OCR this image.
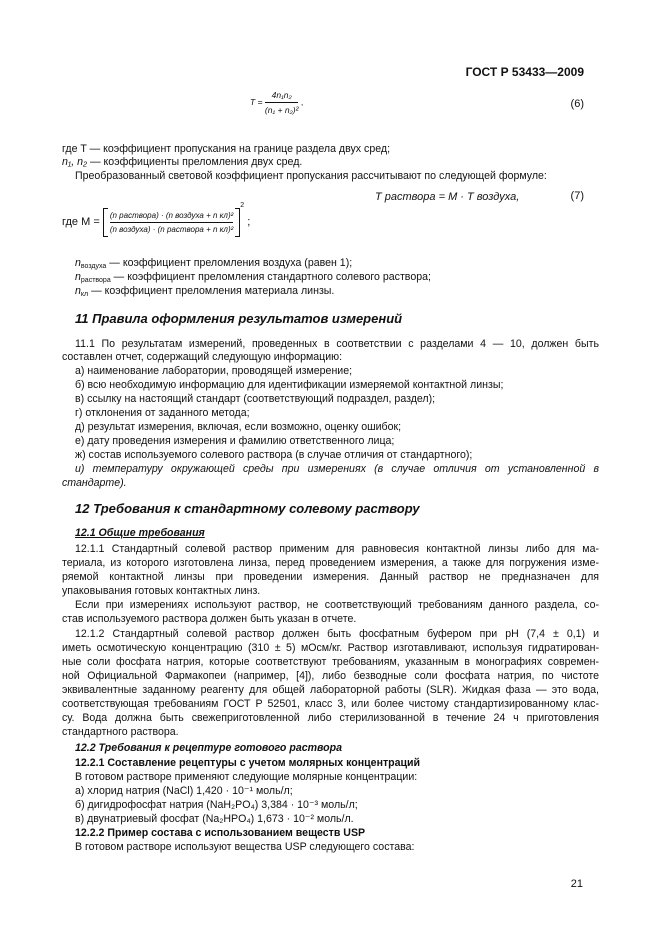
ГОСТ Р 53433—2009
$T = \frac{\text{4n₁n₂}}{\text{(n₁ + n₂)²}}$ ,	(6)
где T — коэффициент пропускания на границе раздела двух сред;
n₁, n₂ — коэффициенты преломления двух сред.
Преобразованный световой коэффициент пропускания рассчитывают по следующей формуле:
T раствора = M · T воздуха,	(7)
где $M = \frac{\text{(n раствора) · (n воздуха + n кл)²}}{\text{(n воздуха) · (n раствора + n кл)²}}$
$^2$ ;
$n_{воздуха}$ — коэффициент преломления воздуха (равен 1);
$n_{раствора}$ — коэффициент преломления стандартного солевого раствора;
$n_{кл}$ — коэффициент преломления материала линзы.
11 Правила оформления результатов измерений
11.1 По результатам измерений, проведенных в соответствии с разделами 4 — 10, должен быть
составлен отчет, содержащий следующую информацию:
а) наименование лаборатории, проводящей измерение;
б) всю необходимую информацию для идентификации измеряемой контактной линзы;
в) ссылку на настоящий стандарт (соответствующий подраздел, раздел);
г) отклонения от заданного метода;
д) результат измерения, включая, если возможно, оценку ошибок;
е) дату проведения измерения и фамилию ответственного лица;
ж) состав используемого солевого раствора (в случае отличия от стандартного);
и) температуру окружающей среды при измерениях (в случае отличия от установленной в
стандарте).
12 Требования к стандартному солевому раствору
12.1 Общие требования
12.1.1 Стандартный солевой раствор применим для равновесия контактной линзы либо для ма-
териала, из которого изготовлена линза, перед проведением измерения, а также для погружения изме-
ряемой контактной линзы при проведении измерения. Данный раствор не предназначен для
упаковывания готовых контактных линз.
Если при измерениях используют раствор, не соответствующий требованиям данного раздела, со-
став используемого раствора должен быть указан в отчете.
12.1.2 Стандартный солевой раствор должен быть фосфатным буфером при pH (7,4 ± 0,1) и
иметь осмотическую концентрацию (310 ± 5) мОсм/кг. Раствор изготавливают, используя гидратирован-
ные соли фосфата натрия, которые соответствуют требованиям, указанным в монографиях современ-
ной Официальной Фармакопеи (например, [4]), либо безводные соли фосфата натрия, по чистоте
эквивалентные заданному реагенту для общей лабораторной работы (SLR). Жидкая фаза — это вода,
соответствующая требованиям ГОСТ Р 52501, класс 3, или более чистому стандартизированному клас-
су. Вода должна быть свежеприготовленной либо стерилизованной в течение 24 ч приготовления
стандартного раствора.
12.2 Требования к рецептуре готового раствора
12.2.1 Составление рецептуры с учетом молярных концентраций
В готовом растворе применяют следующие молярные концентрации:
а) хлорид натрия (NaCl) 1,420 · 10⁻¹ моль/л;
б) дигидрофосфат натрия (NaH₂PO₄) 3,384 · 10⁻³ моль/л;
в) двунатриевый фосфат (Na₂HPO₄) 1,673 · 10⁻² моль/л.
12.2.2 Пример состава с использованием веществ USP
В готовом растворе используют вещества USP следующего состава:
21
